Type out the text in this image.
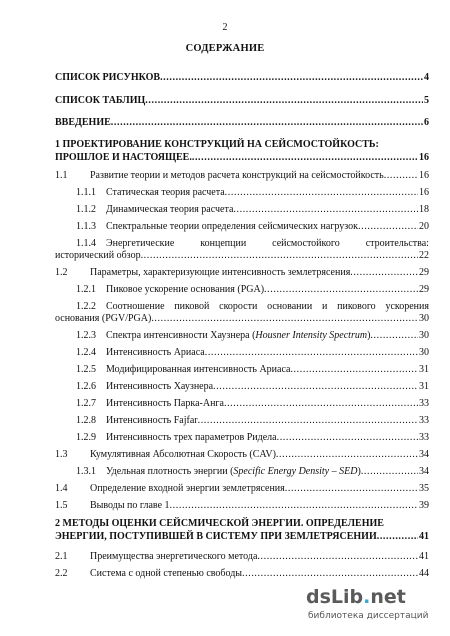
2
СОДЕРЖАНИЕ
СПИСОК РИСУНКОВ .....	4
СПИСОК ТАБЛИЦ .....	5
ВВЕДЕНИЕ .....	6
1 ПРОЕКТИРОВАНИЕ КОНСТРУКЦИЙ НА СЕЙСМОСТОЙКОСТЬ:
ПРОШЛОЕ И НАСТОЯЩЕЕ. .....	16
1.1 Развитие теории и методов расчета конструкций на сейсмостойкость .....	16
1.1.1 Статическая теория расчета .....	16
1.1.2 Динамическая теория расчета .....	18
1.1.3 Спектральные теории определения сейсмических нагрузок .....	20
1.1.4 Энергетические	концепции	сейсмостойкого	строительства:
исторический обзор .....	22
1.2 Параметры, характеризующие интенсивность землетрясения .....	29
1.2.1 Пиковое ускорение основания (PGA) .....	29
1.2.2 Соотношение пиковой скорости основании и пикового ускорения
основания (PGV/PGA) .....	30
1.2.3 Спектра интенсивности Хаузнера (Housner Intensity Spectrum) .....	30
1.2.4 Интенсивность Ариаса .....	30
1.2.5 Модифицированная интенсивность Ариаса .....	31
1.2.6 Интенсивность Хаузнера .....	31
1.2.7 Интенсивность Парка-Анга .....	33
1.2.8 Интенсивность Fajfar .....	33
1.2.9 Интенсивность трех параметров Ридела .....	33
1.3 Кумулятивная Абсолютная Скорость (CAV) .....	34
1.3.1 Удельная плотность энергии (Specific Energy Density – SED) .....	34
1.4 Определение входной энергии землетрясения .....	35
1.5 Выводы по главе 1 .....	39
2 МЕТОДЫ ОЦЕНКИ СЕЙСМИЧЕСКОЙ ЭНЕРГИИ. ОПРЕДЕЛЕНИЕ
ЭНЕРГИИ, ПОСТУПИВШЕЙ В СИСТЕМУ ПРИ ЗЕМЛЕТРЯСЕНИИ .....	41
2.1 Преимущества энергетического метода .....	41
2.2 Система с одной степенью свободы .....	44
dsLib.net
библиотека диссертаций
